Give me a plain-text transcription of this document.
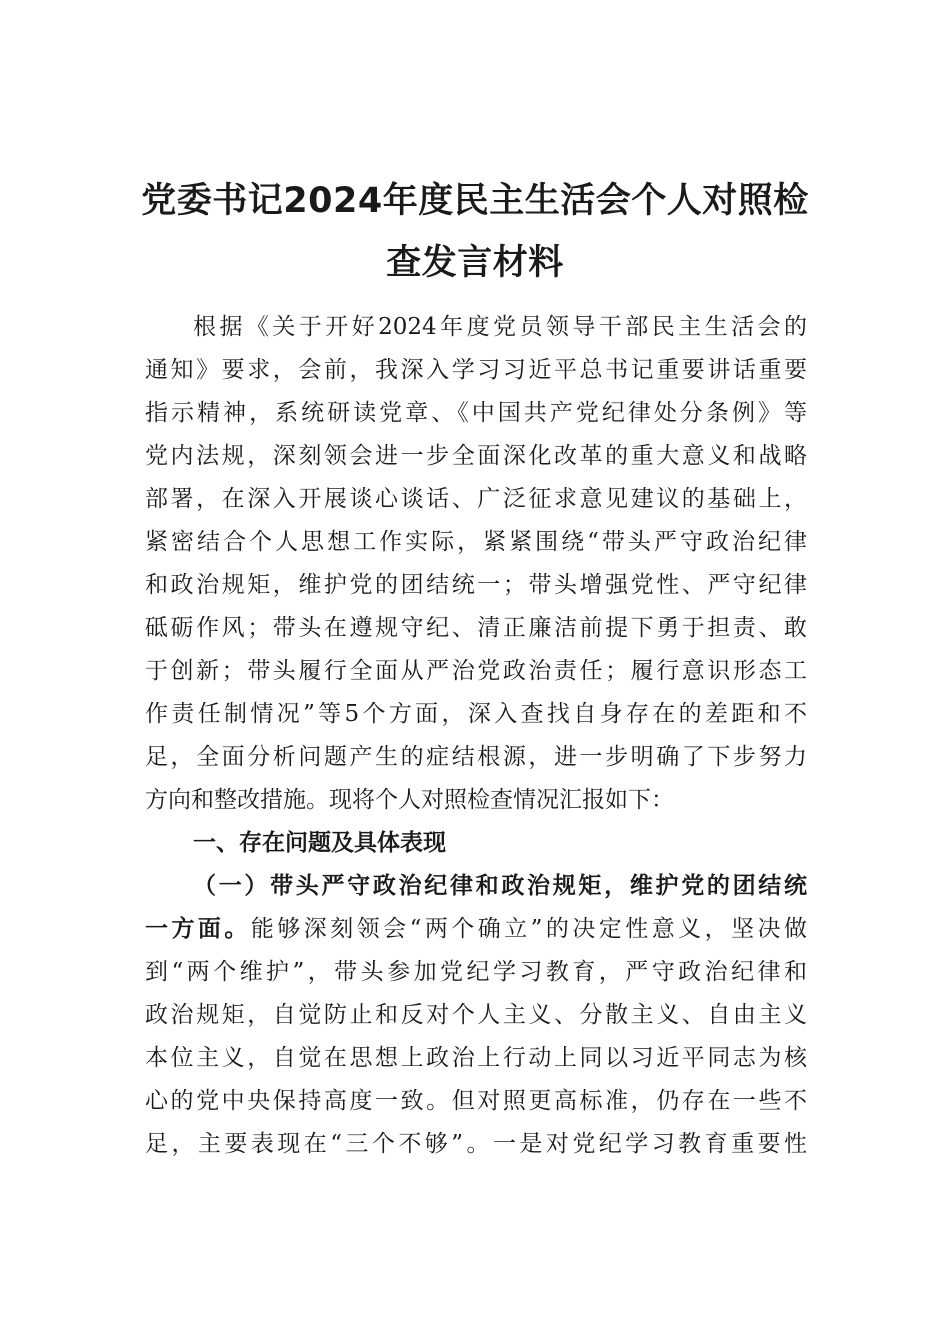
党委书记2024年度民主生活会个人对照检
查发言材料

根据《关于开好2024年度党员领导干部民主生活会的

通知》要求，会前，我深入学习习近平总书记重要讲话重要

指示精神，系统研读党章、《中国共产党纪律处分条例》等

党内法规，深刻领会进一步全面深化改革的重大意义和战略

部署，在深入开展谈心谈话、广泛征求意见建议的基础上，

紧密结合个人思想工作实际，紧紧围绕“带头严守政治纪律

和政治规矩，维护党的团结统一；带头增强党性、严守纪律

砥砺作风；带头在遵规守纪、清正廉洁前提下勇于担责、敢

于创新；带头履行全面从严治党政治责任；履行意识形态工

作责任制情况”等5个方面，深入查找自身存在的差距和不

足，全面分析问题产生的症结根源，进一步明确了下步努力

方向和整改措施。现将个人对照检查情况汇报如下：

一、存在问题及具体表现

（一）带头严守政治纪律和政治规矩，维护党的团结统

一方面。能够深刻领会“两个确立”的决定性意义，坚决做

到“两个维护”，带头参加党纪学习教育，严守政治纪律和

政治规矩，自觉防止和反对个人主义、分散主义、自由主义

本位主义，自觉在思想上政治上行动上同以习近平同志为核

心的党中央保持高度一致。但对照更高标准，仍存在一些不

足，主要表现在“三个不够”。一是对党纪学习教育重要性
